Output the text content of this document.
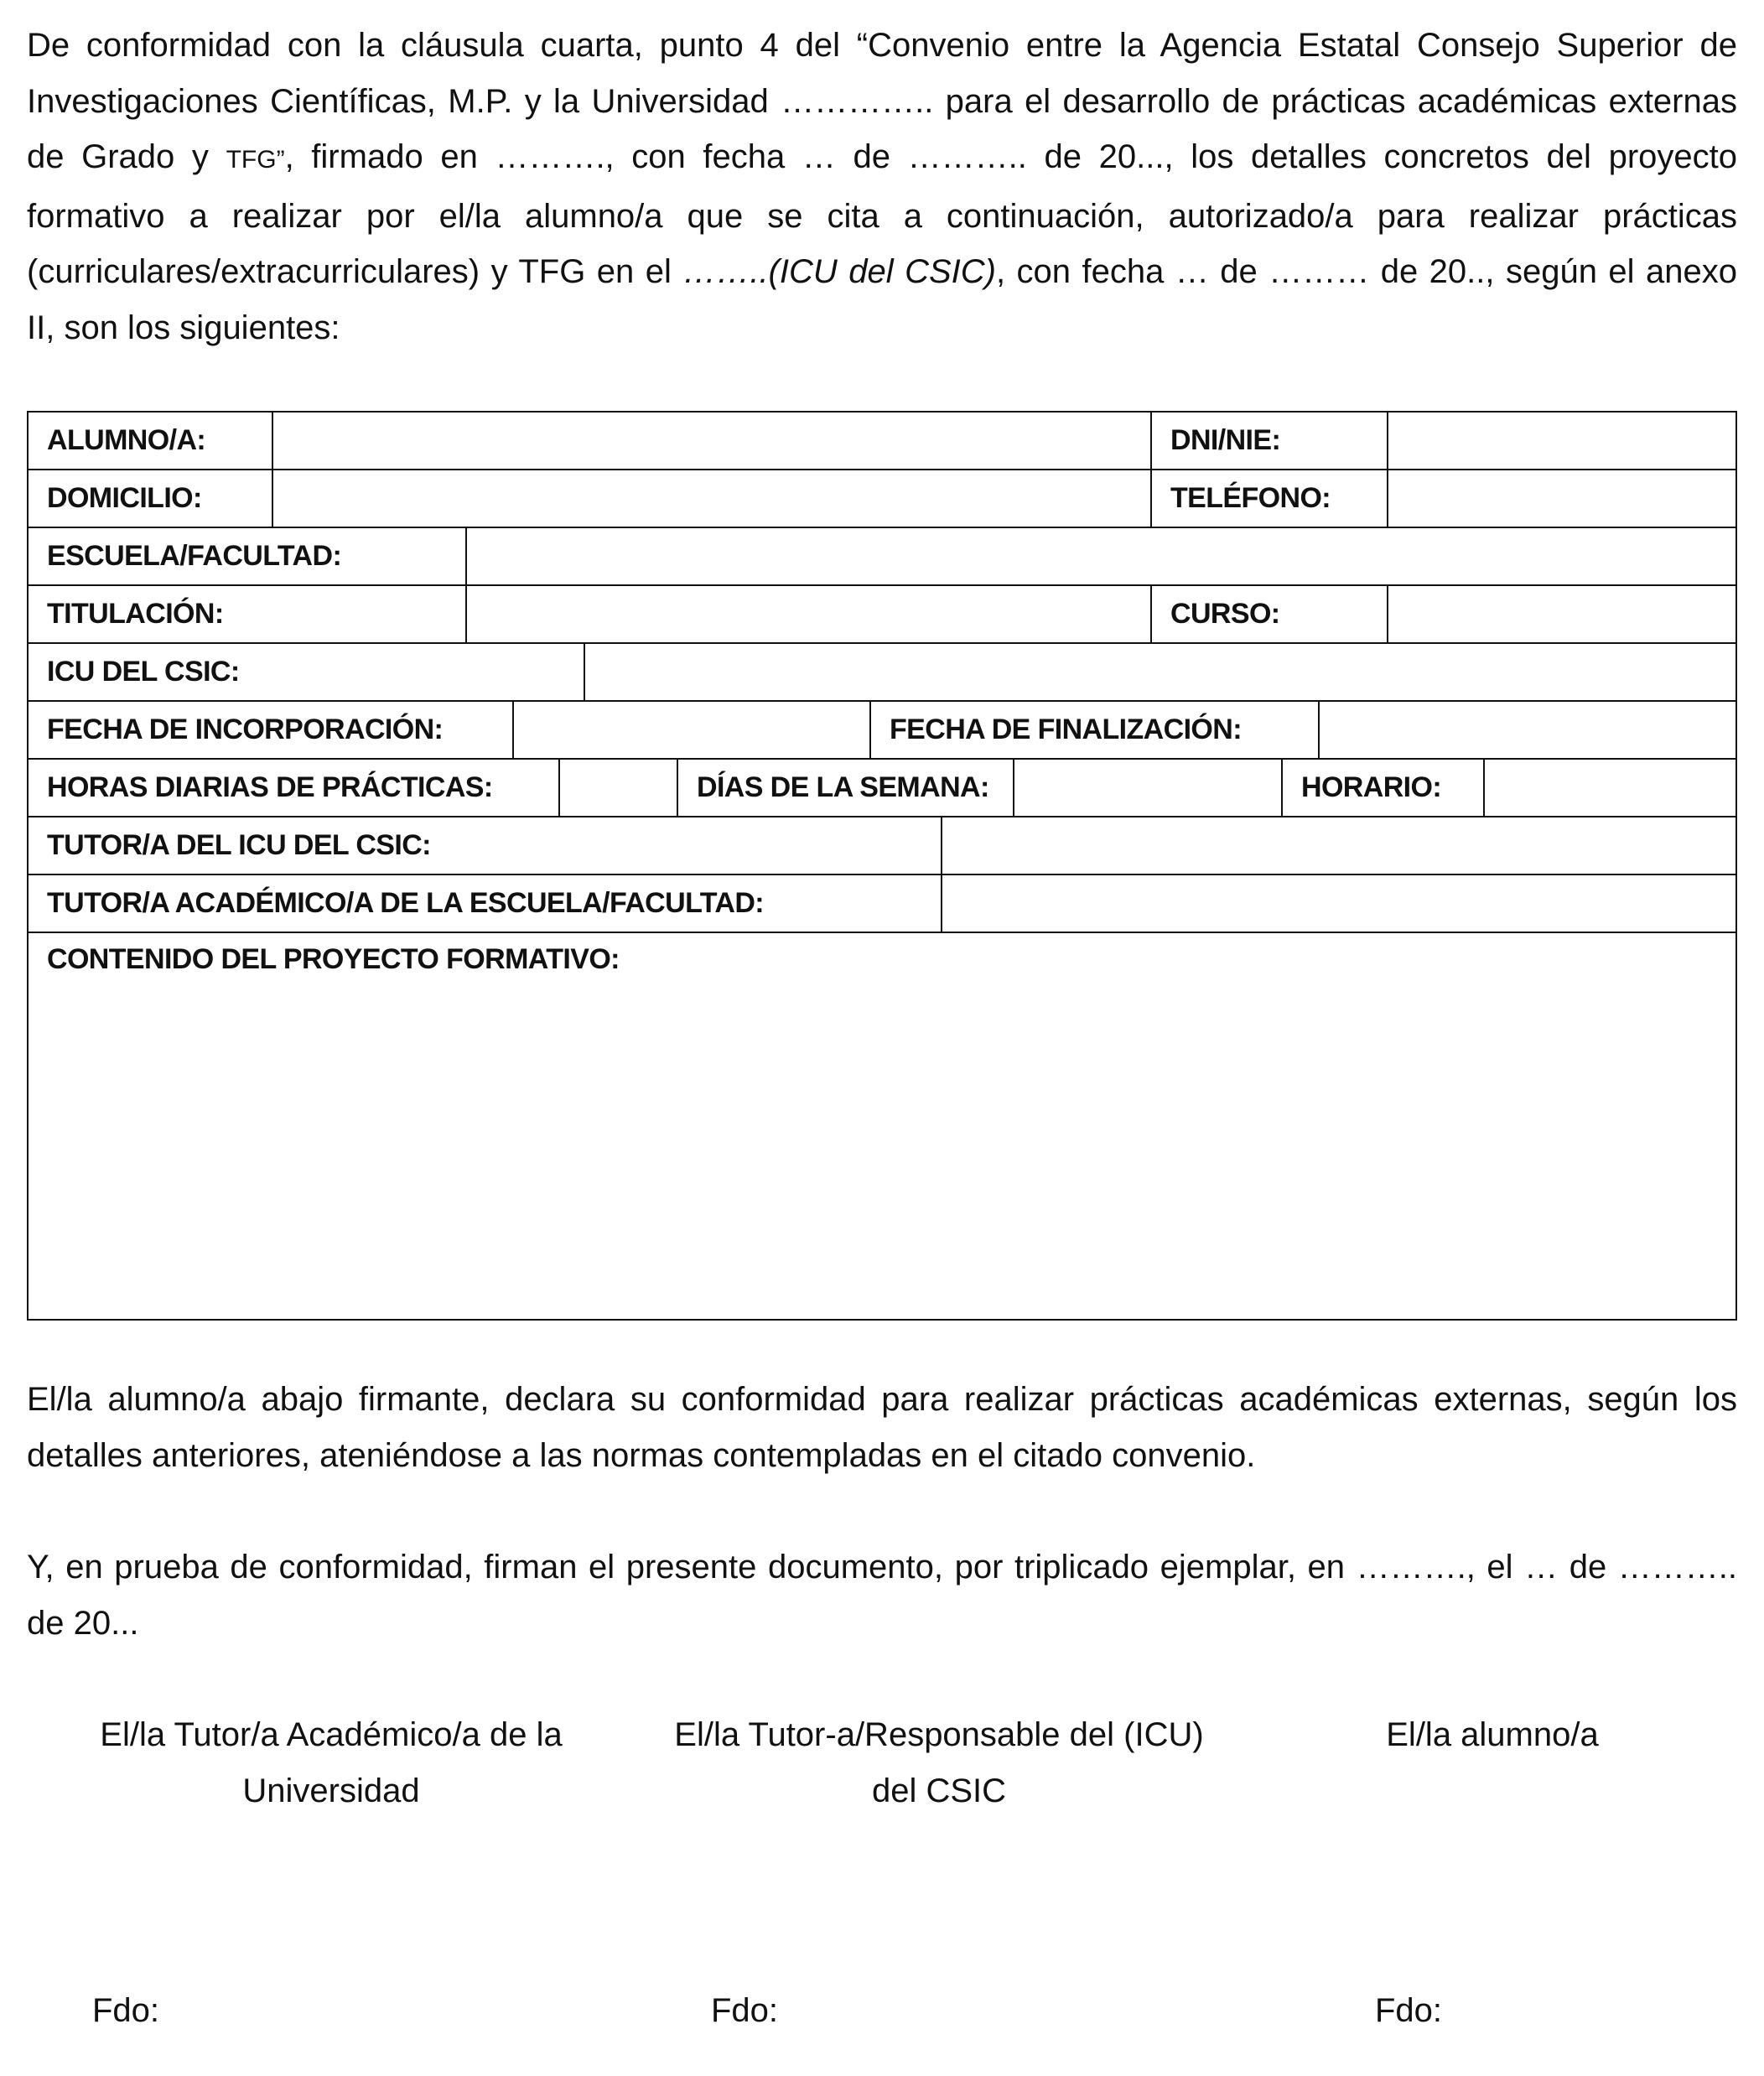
De conformidad con la cláusula cuarta, punto 4 del “Convenio entre la Agencia Estatal Consejo Superior de Investigaciones Científicas, M.P. y la Universidad ………….. para el desarrollo de prácticas académicas externas de Grado y TFG”, firmado en ………., con fecha … de ……….. de 20..., los detalles concretos del proyecto formativo a realizar por el/la alumno/a que se cita a continuación, autorizado/a para realizar prácticas (curriculares/extracurriculares) y TFG en el ……..(ICU del CSIC), con fecha … de ……… de 20.., según el anexo II, son los siguientes:

ALUMNO/A:	DNI/NIE:
DOMICILIO:	TELÉFONO:
ESCUELA/FACULTAD:
TITULACIÓN:	CURSO:
ICU DEL CSIC:
FECHA DE INCORPORACIÓN:	FECHA DE FINALIZACIÓN:
HORAS DIARIAS DE PRÁCTICAS:	DÍAS DE LA SEMANA:	HORARIO:
TUTOR/A DEL ICU DEL CSIC:
TUTOR/A ACADÉMICO/A DE LA ESCUELA/FACULTAD:
CONTENIDO DEL PROYECTO FORMATIVO:

El/la alumno/a abajo firmante, declara su conformidad para realizar prácticas académicas externas, según los detalles anteriores, ateniéndose a las normas contempladas en el citado convenio.

Y, en prueba de conformidad, firman el presente documento, por triplicado ejemplar, en ………., el … de ……….. de 20...

El/la Tutor/a Académico/a de la
Universidad
El/la Tutor-a/Responsable del (ICU)
del CSIC
El/la alumno/a
Fdo:	Fdo:	Fdo:
